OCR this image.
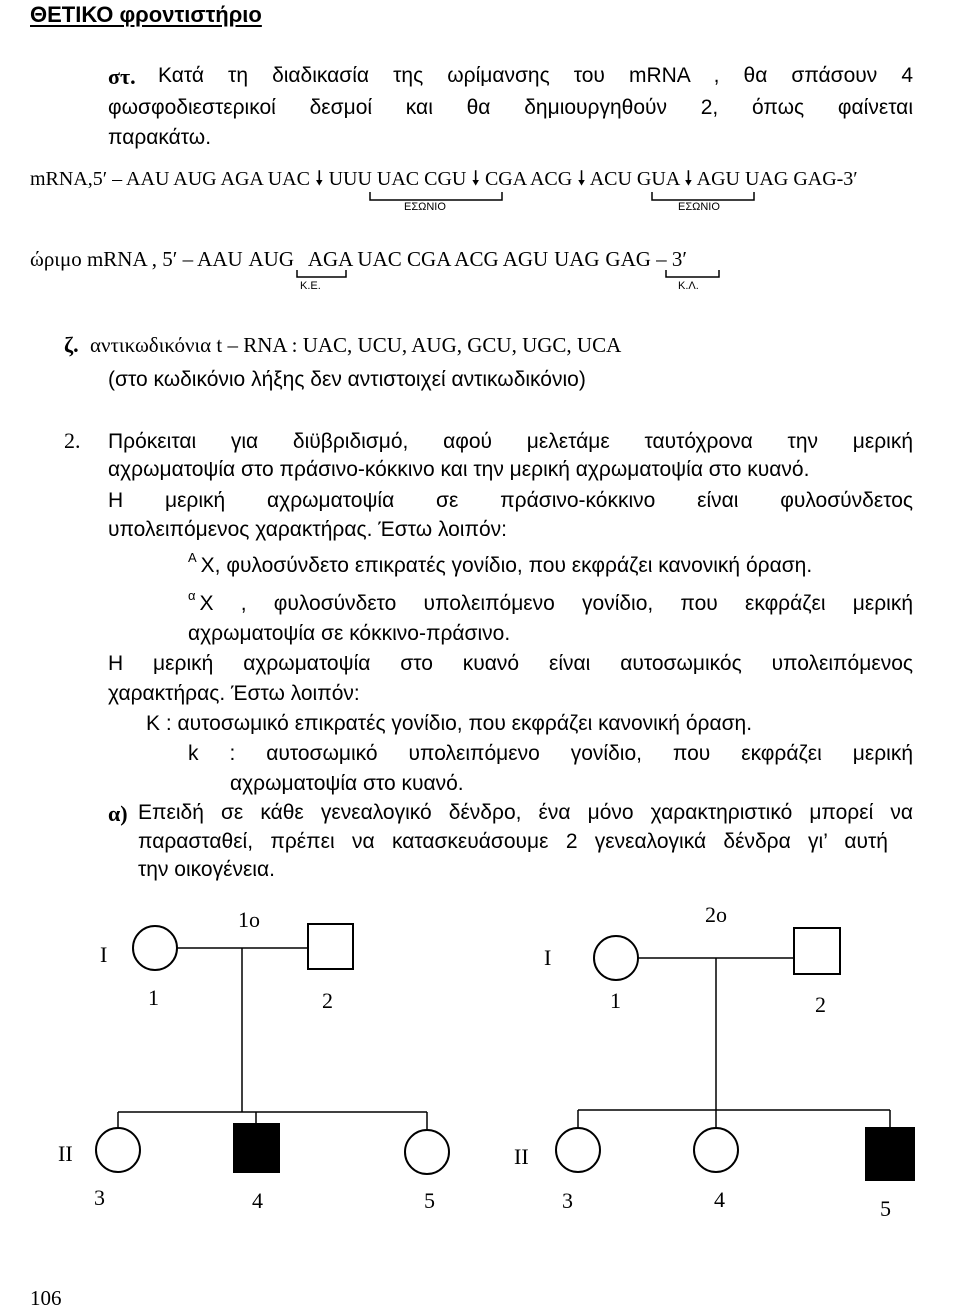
ΘΕΤΙΚΟ φροντιστήριο
στ. Κατά τη διαδικασία της ωρίμανσης του mRNA , θα σπάσουν 4
φωσφοδιεστερικοί δεσμοί και θα δημιουργηθούν 2, όπως φαίνεται
παρακάτω.
mRNA,5′ – AAU AUG AGA UAC 🠗 UUU UAC CGU 🠗 CGA ACG 🠗 ACU GUA 🠗 AGU UAG GAG-3′
ΕΣΩΝΙΟ	ΕΣΩΝΙΟ
ώριμο mRNA , 5′ – AAU AUG AGA UAC CGA ACG AGU UAG GAG – 3′
Κ.Ε.	Κ.Λ.
ζ. αντικωδικόνια t – RNA : UAC, UCU, AUG, GCU, UGC, UCA
(στο κωδικόνιο λήξης δεν αντιστοιχεί αντικωδικόνιο)
2. Πρόκειται για διϋβριδισμό, αφού μελετάμε ταυτόχρονα την μερική
αχρωματοψία στο πράσινο-κόκκινο και την μερική αχρωματοψία στο κυανό.
Η μερική αχρωματοψία σε πράσινο-κόκκινο είναι φυλοσύνδετος
υπολειπόμενος χαρακτήρας. Έστω λοιπόν:
$^A$ X, φυλοσύνδετο επικρατές γονίδιο, που εκφράζει κανονική όραση.
$^\alpha$ X , φυλοσύνδετο υπολειπόμενο γονίδιο, που εκφράζει μερική
αχρωματοψία σε κόκκινο-πράσινο.
Η μερική αχρωματοψία στο κυανό είναι αυτοσωμικός υπολειπόμενος
χαρακτήρας. Έστω λοιπόν:
Κ : αυτοσωμικό επικρατές γονίδιο, που εκφράζει κανονική όραση.
k : αυτοσωμικό υπολειπόμενο γονίδιο, που εκφράζει μερική
αχρωματοψία στο κυανό.
α) Επειδή σε κάθε γενεαλογικό δένδρο, ένα μόνο χαρακτηριστικό μπορεί να
παρασταθεί, πρέπει να κατασκευάσουμε 2 γενεαλογικά δένδρα γι’ αυτή
την οικογένεια.
1ο
I
1	2
II
3	4	5
2ο
I
1	2
II
3	4	5
106
